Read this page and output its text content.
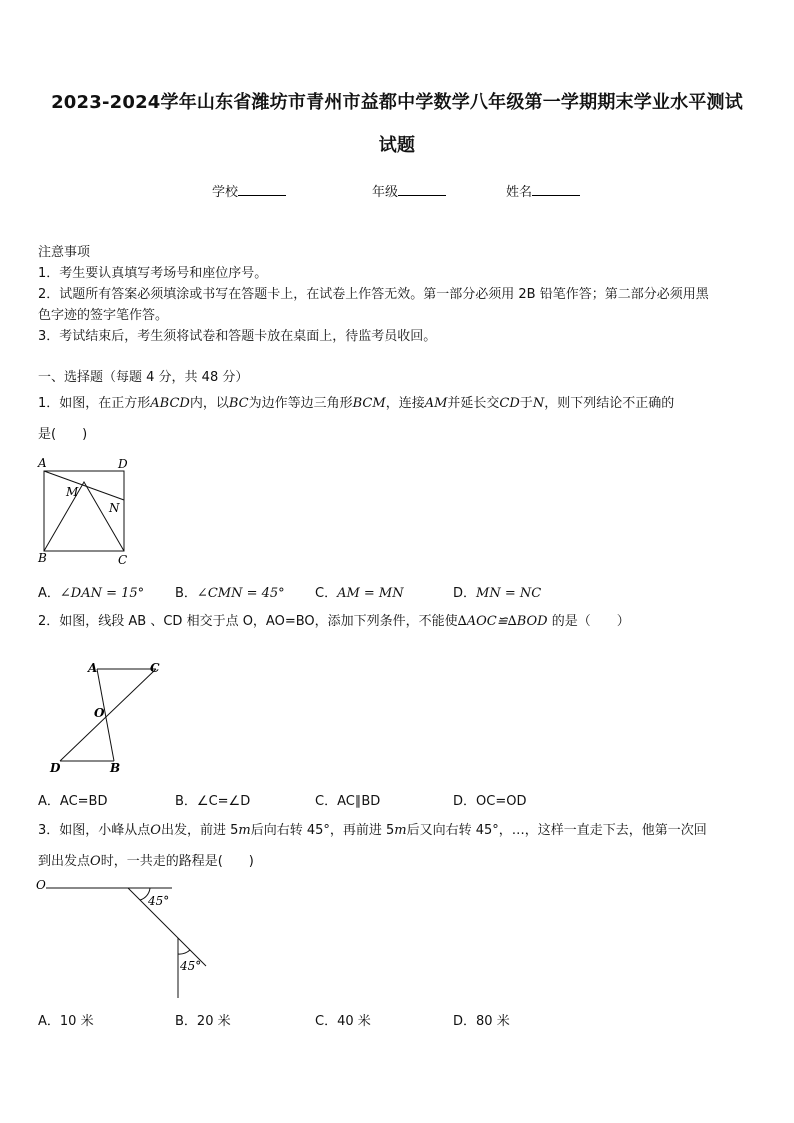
2023-2024学年山东省潍坊市青州市益都中学数学八年级第一学期期末学业水平测试
试题
学校	年级	姓名
注意事项
1．考生要认真填写考场号和座位序号。
2．试题所有答案必须填涂或书写在答题卡上，在试卷上作答无效。第一部分必须用 2B 铅笔作答；第二部分必须用黑
色字迹的签字笔作答。
3．考试结束后，考生须将试卷和答题卡放在桌面上，待监考员收回。
一、选择题（每题 4 分，共 48 分）
1．如图，在正方形ABCD内，以BC为边作等边三角形BCM，连接AM并延长交CD于N，则下列结论不正确的
是(　　)
A	D
M
N
B	C
A．∠DAN = 15° B．∠CMN = 45° C．AM = MN	D．MN = NC
2．如图，线段 AB 、CD 相交于点 O，AO=BO，添加下列条件，不能使∆AOC≌∆BOD 的是（　　）
A	C
O
D	B
A．AC=BD	B．∠C=∠D	C．AC∥BD	D．OC=OD
3．如图，小峰从点O出发，前进 5m后向右转 45°，再前进 5m后又向右转 45°，…，这样一直走下去，他第一次回
到出发点O时，一共走的路程是(　　)
O
45°
45°
A．10 米	B．20 米	C．40 米	D．80 米
